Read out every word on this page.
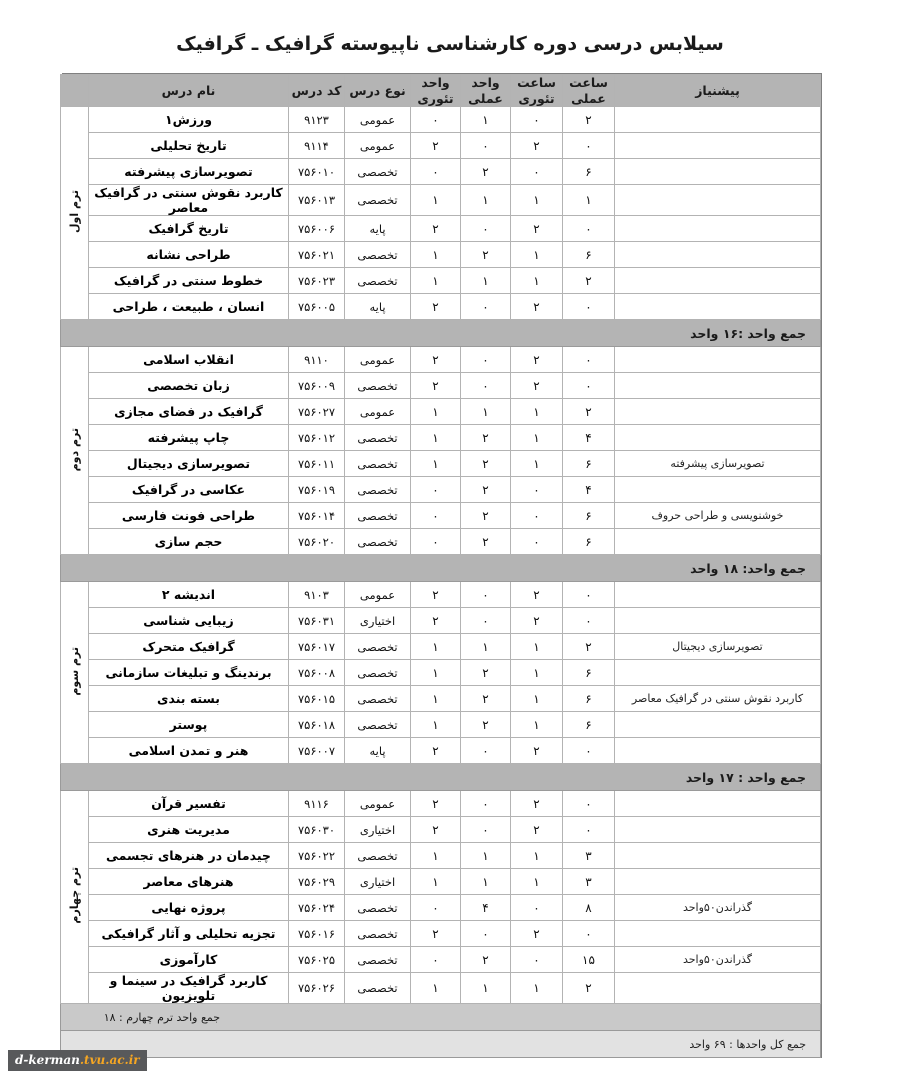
سیلابس درسی دوره کارشناسی ناپیوسته گرافیک ـ گرافیک
پیشنیاز	ساعت عملی	ساعت تئوری	واحد عملی	واحد تئوری	نوع درس	کد درس	نام درس	
	۲	۰	۱	۰	عمومی	۹۱۲۳	ورزش۱	ترم اول
	۰	۲	۰	۲	عمومی	۹۱۱۴	تاریخ تحلیلی	
	۶	۰	۲	۰	تخصصی	۷۵۶۰۱۰	تصویرسازی پیشرفته	
	۱	۱	۱	۱	تخصصی	۷۵۶۰۱۳	کاربرد نقوش سنتی در گرافیک معاصر	
	۰	۲	۰	۲	پایه	۷۵۶۰۰۶	تاریخ گرافیک	
	۶	۱	۲	۱	تخصصی	۷۵۶۰۲۱	طراحی نشانه	
	۲	۱	۱	۱	تخصصی	۷۵۶۰۲۳	خطوط سنتی در گرافیک	
	۰	۲	۰	۲	پایه	۷۵۶۰۰۵	انسان ، طبیعت ، طراحی	
جمع واحد :۱۶ واحد								
	۰	۲	۰	۲	عمومی	۹۱۱۰	انقلاب اسلامی	ترم دوم
	۰	۲	۰	۲	تخصصی	۷۵۶۰۰۹	زبان تخصصی	
	۲	۱	۱	۱	عمومی	۷۵۶۰۲۷	گرافیک در فضای مجازی	
	۴	۱	۲	۱	تخصصی	۷۵۶۰۱۲	چاپ پیشرفته	
تصویرسازی پیشرفته	۶	۱	۲	۱	تخصصی	۷۵۶۰۱۱	تصویرسازی دیجیتال	
	۴	۰	۲	۰	تخصصی	۷۵۶۰۱۹	عکاسی در گرافیک	
خوشنویسی و طراحی حروف	۶	۰	۲	۰	تخصصی	۷۵۶۰۱۴	طراحی فونت فارسی	
	۶	۰	۲	۰	تخصصی	۷۵۶۰۲۰	حجم سازی	
جمع واحد: ۱۸ واحد								
	۰	۲	۰	۲	عمومی	۹۱۰۳	اندیشه ۲	ترم سوم
	۰	۲	۰	۲	اختیاری	۷۵۶۰۳۱	زیبایی شناسی	
تصویرسازی دیجیتال	۲	۱	۱	۱	تخصصی	۷۵۶۰۱۷	گرافیک متحرک	
	۶	۱	۲	۱	تخصصی	۷۵۶۰۰۸	برندینگ و تبلیغات سازمانی	
کاربرد نقوش سنتی در گرافیک معاصر	۶	۱	۲	۱	تخصصی	۷۵۶۰۱۵	بسته بندی	
	۶	۱	۲	۱	تخصصی	۷۵۶۰۱۸	پوستر	
	۰	۲	۰	۲	پایه	۷۵۶۰۰۷	هنر و تمدن اسلامی	
جمع واحد : ۱۷ واحد								
	۰	۲	۰	۲	عمومی	۹۱۱۶	تفسیر قرآن	ترم چهارم
	۰	۲	۰	۲	اختیاری	۷۵۶۰۳۰	مدیریت هنری	
	۳	۱	۱	۱	تخصصی	۷۵۶۰۲۲	چیدمان در هنرهای تجسمی	
	۳	۱	۱	۱	اختیاری	۷۵۶۰۲۹	هنرهای معاصر	
گذراندن۵۰واحد	۸	۰	۴	۰	تخصصی	۷۵۶۰۲۴	پروژه نهایی	
	۰	۲	۰	۲	تخصصی	۷۵۶۰۱۶	تجزیه تحلیلی و آثار گرافیکی	
گذراندن۵۰واحد	۱۵	۰	۲	۰	تخصصی	۷۵۶۰۲۵	کارآموزی	
	۲	۱	۱	۱	تخصصی	۷۵۶۰۲۶	کاربرد گرافیک در سینما و تلویزیون	

جمع واحد ترم چهارم : ۱۸								

جمع کل واحدها : ۶۹ واحد								
d-kerman.tvu.ac.ir
